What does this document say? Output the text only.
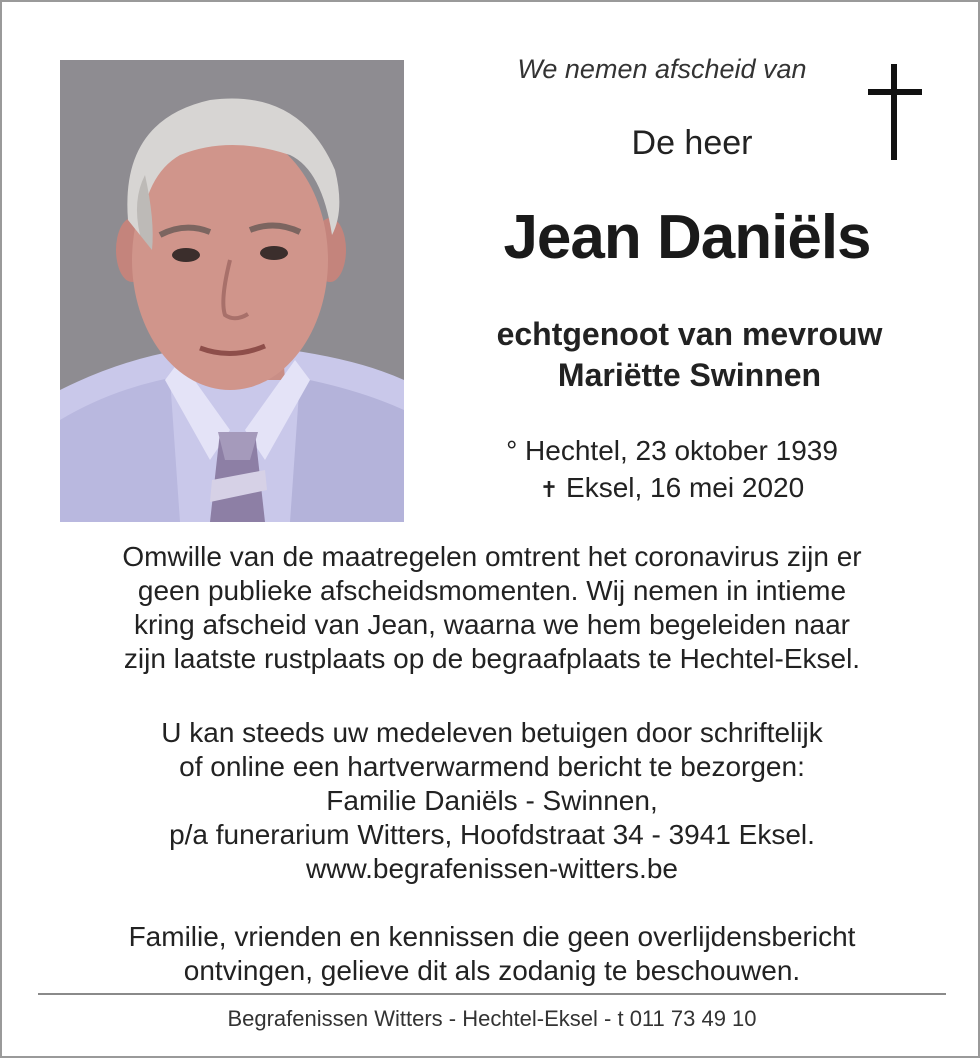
We nemen afscheid van
De heer
Jean Daniëls
echtgenoot van mevrouw
Mariëtte Swinnen
° Hechtel, 23 oktober 1939
✝ Eksel, 16 mei 2020
Omwille van de maatregelen omtrent het coronavirus zijn er
geen publieke afscheidsmomenten. Wij nemen in intieme
kring afscheid van Jean, waarna we hem begeleiden naar
zijn laatste rustplaats op de begraafplaats te Hechtel-Eksel.
U kan steeds uw medeleven betuigen door schriftelijk
of online een hartverwarmend bericht te bezorgen:
Familie Daniëls - Swinnen,
p/a funerarium Witters, Hoofdstraat 34 - 3941 Eksel.
www.begrafenissen-witters.be
Familie, vrienden en kennissen die geen overlijdensbericht
ontvingen, gelieve dit als zodanig te beschouwen.
Begrafenissen Witters - Hechtel-Eksel - t 011 73 49 10
